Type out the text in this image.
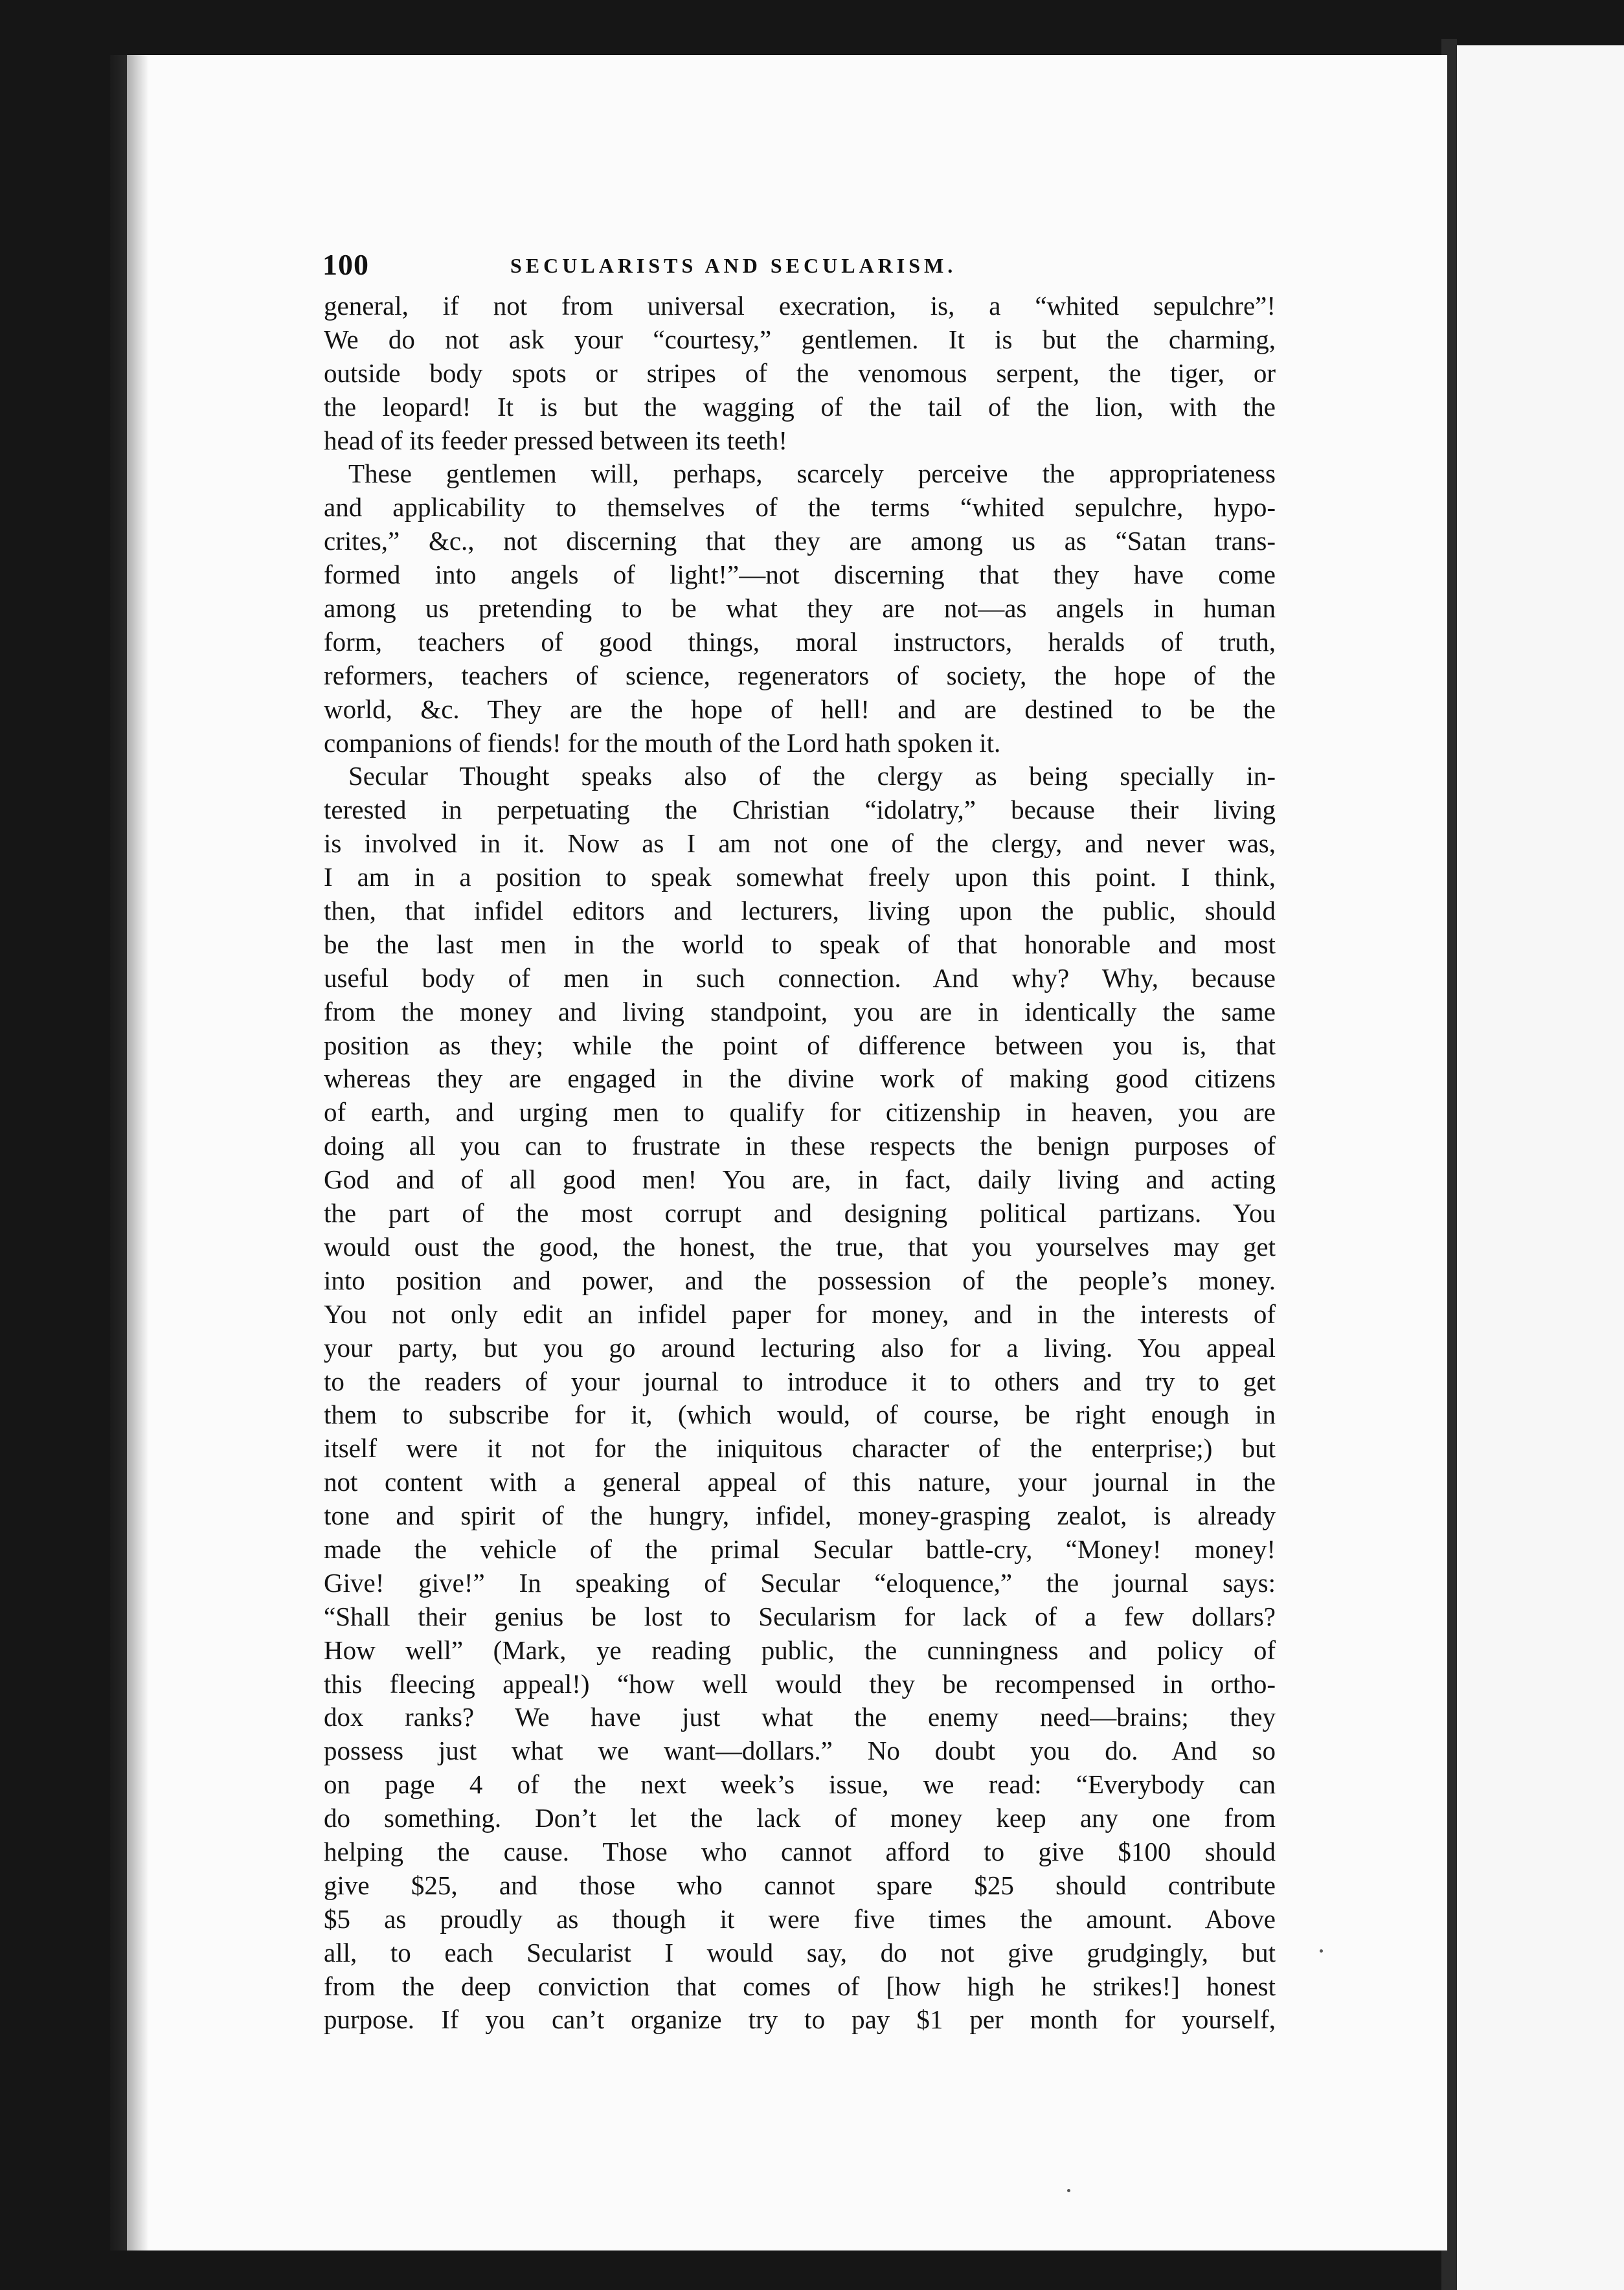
100	SECULARISTS AND SECULARISM.
general, if not from universal execration, is, a “whited sepulchre”!
We do not ask your “courtesy,” gentlemen. It is but the charming,
outside body spots or stripes of the venomous serpent, the tiger, or
the leopard! It is but the wagging of the tail of the lion, with the
head of its feeder pressed between its teeth!
These gentlemen will, perhaps, scarcely perceive the appropriateness
and applicability to themselves of the terms “whited sepulchre, hypo-
crites,” &c., not discerning that they are among us as “Satan trans-
formed into angels of light!”—not discerning that they have come
among us pretending to be what they are not—as angels in human
form, teachers of good things, moral instructors, heralds of truth,
reformers, teachers of science, regenerators of society, the hope of the
world, &c. They are the hope of hell! and are destined to be the
companions of fiends! for the mouth of the Lord hath spoken it.
Secular Thought speaks also of the clergy as being specially in-
terested in perpetuating the Christian “idolatry,” because their living
is involved in it. Now as I am not one of the clergy, and never was,
I am in a position to speak somewhat freely upon this point. I think,
then, that infidel editors and lecturers, living upon the public, should
be the last men in the world to speak of that honorable and most
useful body of men in such connection. And why? Why, because
from the money and living standpoint, you are in identically the same
position as they; while the point of difference between you is, that
whereas they are engaged in the divine work of making good citizens
of earth, and urging men to qualify for citizenship in heaven, you are
doing all you can to frustrate in these respects the benign purposes of
God and of all good men! You are, in fact, daily living and acting
the part of the most corrupt and designing political partizans. You
would oust the good, the honest, the true, that you yourselves may get
into position and power, and the possession of the people’s money.
You not only edit an infidel paper for money, and in the interests of
your party, but you go around lecturing also for a living. You appeal
to the readers of your journal to introduce it to others and try to get
them to subscribe for it, (which would, of course, be right enough in
itself were it not for the iniquitous character of the enterprise;) but
not content with a general appeal of this nature, your journal in the
tone and spirit of the hungry, infidel, money-grasping zealot, is already
made the vehicle of the primal Secular battle-cry, “Money! money!
Give! give!” In speaking of Secular “eloquence,” the journal says:
“Shall their genius be lost to Secularism for lack of a few dollars?
How well” (Mark, ye reading public, the cunningness and policy of
this fleecing appeal!) “how well would they be recompensed in ortho-
dox ranks? We have just what the enemy need—brains; they
possess just what we want—dollars.” No doubt you do. And so
on page 4 of the next week’s issue, we read: “Everybody can
do something. Don’t let the lack of money keep any one from
helping the cause. Those who cannot afford to give $100 should
give $25, and those who cannot spare $25 should contribute
$5 as proudly as though it were five times the amount. Above
all, to each Secularist I would say, do not give grudgingly, but
from the deep conviction that comes of [how high he strikes!] honest
purpose. If you can’t organize try to pay $1 per month for yourself,
